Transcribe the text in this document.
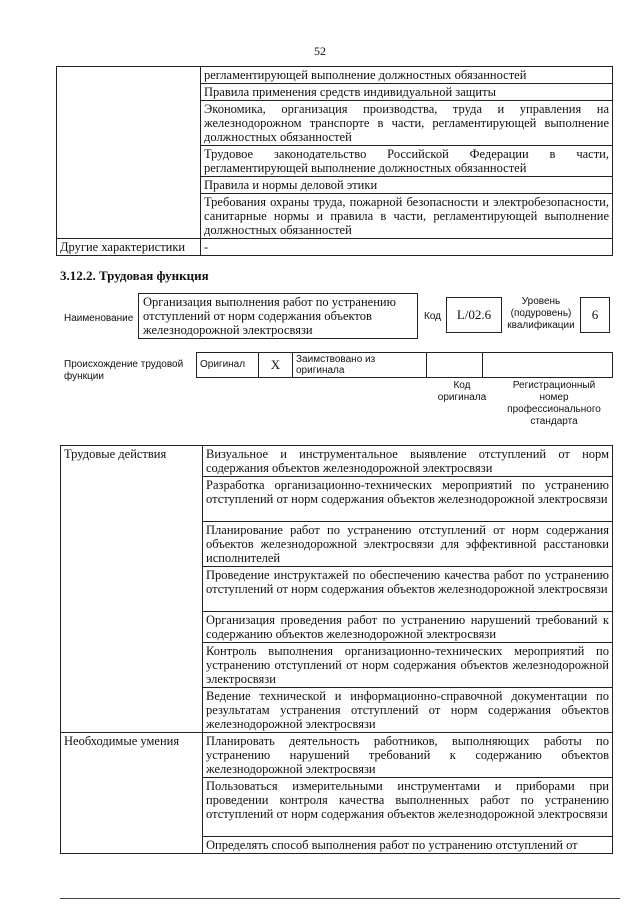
52
	регламентирующей выполнение должностных обязанностей
	Правила применения средств индивидуальной защиты
	Экономика, организация производства, труда и управления на железнодорожном транспорте в части, регламентирующей выполнение должностных обязанностей
	Трудовое законодательство Российской Федерации в части, регламентирующей выполнение должностных обязанностей
	Правила и нормы деловой этики
	Требования охраны труда, пожарной безопасности и электробезопасности, санитарные нормы и правила в части, регламентирующей выполнение должностных обязанностей
Другие характеристики	-
3.12.2. Трудовая функция
Наименование
Организация выполнения работ по устранению отступлений от норм содержания объектов железнодорожной электросвязи
Код L/02.6
Уровень (подуровень) квалификации
6
Происхождение трудовой функции
Оригинал	X	Заимствовано из оригинала		
Код оригинала
Регистрационный номер профессионального стандарта
Трудовые действия	Визуальное и инструментальное выявление отступлений от норм содержания объектов железнодорожной электросвязи
	Разработка организационно-технических мероприятий по устранению отступлений от норм содержания объектов железнодорожной электросвязи
	Планирование работ по устранению отступлений от норм содержания объектов железнодорожной электросвязи для эффективной расстановки исполнителей
	Проведение инструктажей по обеспечению качества работ по устранению отступлений от норм содержания объектов железнодорожной электросвязи
	Организация проведения работ по устранению нарушений требований к содержанию объектов железнодорожной электросвязи
	Контроль выполнения организационно-технических мероприятий по устранению отступлений от норм содержания объектов железнодорожной электросвязи
	Ведение технической и информационно-справочной документации по результатам устранения отступлений от норм содержания объектов железнодорожной электросвязи
Необходимые умения	Планировать деятельность работников, выполняющих работы по устранению нарушений требований к содержанию объектов железнодорожной электросвязи
	Пользоваться измерительными инструментами и приборами при проведении контроля качества выполненных работ по устранению отступлений от норм содержания объектов железнодорожной электросвязи
	Определять способ выполнения работ по устранению отступлений от
